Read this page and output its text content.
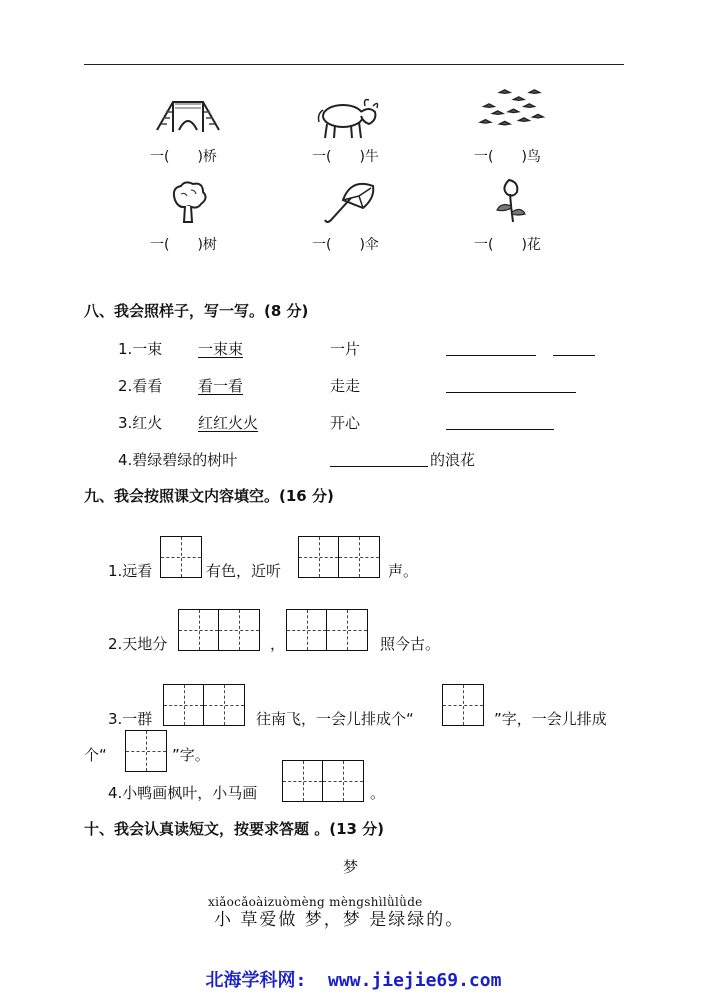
一(　　)桥	一(　　)牛	一(　　)鸟
一(　　)树	一(　　)伞	一(　　)花
八、我会照样子，写一写。(8 分)
1.一束 一束束	一片
2.看看 看一看	走走
3.红火 红红火火	开心
4.碧绿碧绿的树叶	的浪花
九、我会按照课文内容填空。(16 分)
1.远看	有色，近听	声。
2.天地分	，	照今古。
3.一群	往南飞，一会儿排成个“	”字，一会儿排成
个“	”字。
4.小鸭画枫叶，小马画	。
十、我会认真读短文，按要求答题 。(13 分)
梦
xiǎocǎoàizuòmèng mèngshìlǜlǜde
小 草爱做 梦，梦 是绿绿的。
北海学科网:  www.jiejie69.com
